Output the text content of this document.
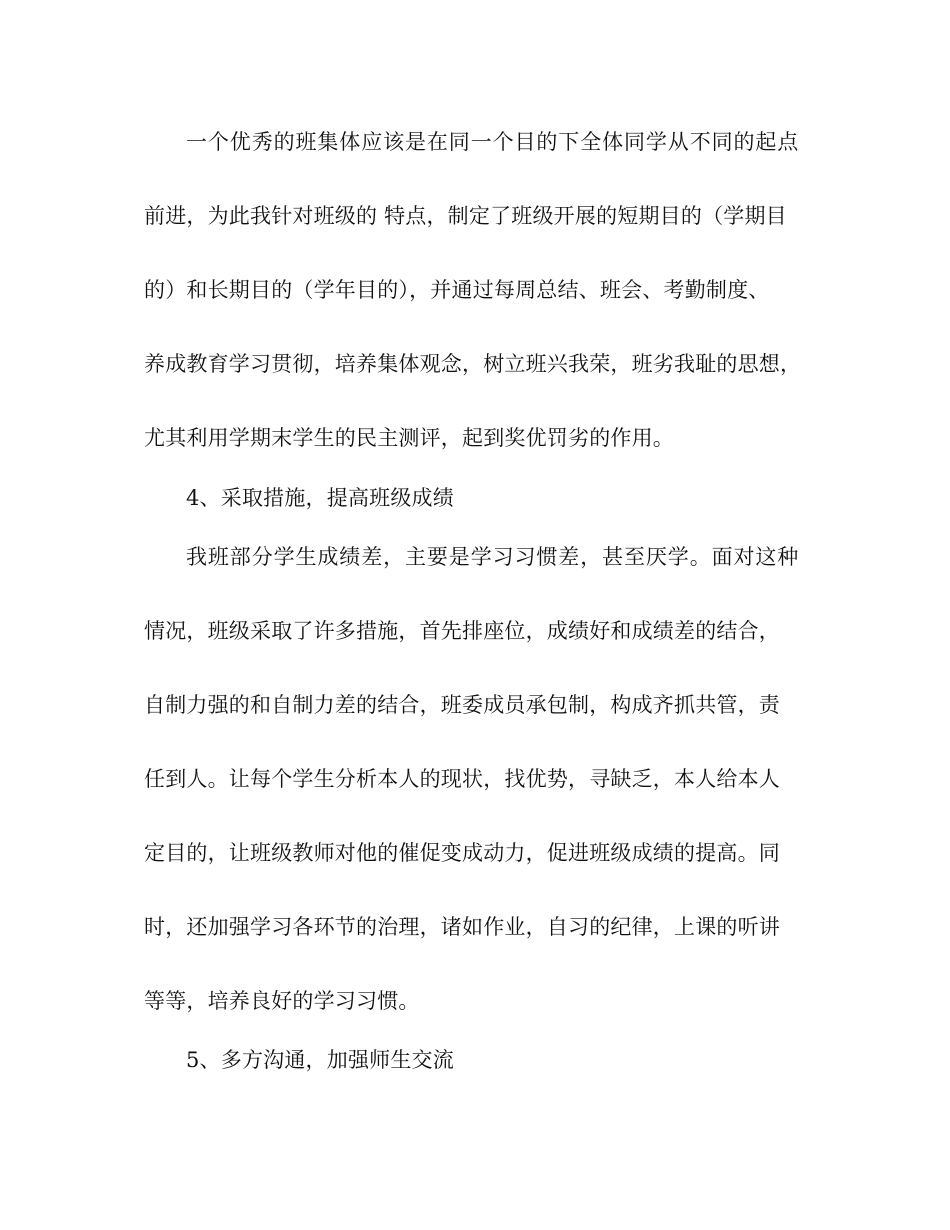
一个优秀的班集体应该是在同一个目的下全体同学从不同的起点
前进，为此我针对班级的 特点，制定了班级开展的短期目的（学期目
的）和长期目的（学年目的），并通过每周总结、班会、考勤制度、
养成教育学习贯彻，培养集体观念，树立班兴我荣，班劣我耻的思想，
尤其利用学期末学生的民主测评，起到奖优罚劣的作用。
4、采取措施，提高班级成绩
我班部分学生成绩差，主要是学习习惯差，甚至厌学。面对这种
情况，班级采取了许多措施，首先排座位，成绩好和成绩差的结合，
自制力强的和自制力差的结合，班委成员承包制，构成齐抓共管，责
任到人。让每个学生分析本人的现状，找优势，寻缺乏，本人给本人
定目的，让班级教师对他的催促变成动力，促进班级成绩的提高。同
时，还加强学习各环节的治理，诸如作业，自习的纪律，上课的听讲
等等，培养良好的学习习惯。
5、多方沟通，加强师生交流
